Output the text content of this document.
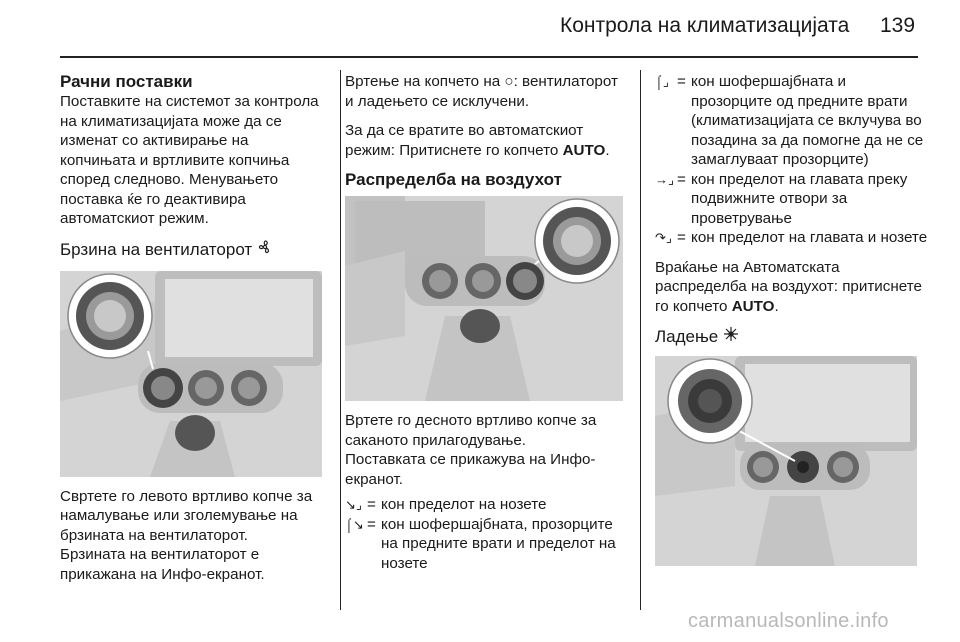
Контрола на климатизацијата 139
Рачни поставки

Поставките на системот за контрола на климатизацијата може да се изменат со активирање на копчињата и вртливите копчиња според следново. Менувањето поставка ќе го деактивира автоматскиот режим.

Брзина на вентилаторот

Свртете го левото вртливо копче за намалување или зголемување на брзината на вентилаторот.

Брзината на вентилаторот е прикажана на Инфо-екранот.

Вртење на копчето на ○: вентилаторот и ладењето се исклучени.

За да се вратите во автоматскиот режим: Притиснете го копчето AUTO.

Распределба на воздухот

Вртете го десното вртливо копче за саканото прилагодување.

Поставката се прикажува на Инфо-екранот.

↘⌟ = кон пределот на нозете
⌠↘ = кон шофершајбната, прозорците на предните врати и пределот на нозете
⌠⌟ = кон шофершајбната и прозорците од предните врати (климатизацијата се вклучува во позадина за да помогне да не се замаглуваат прозорците)
→⌟ = кон пределот на главата преку подвижните отвори за проветрување
↷⌟ = кон пределот на главата и нозете

Враќање на Автоматската распределба на воздухот: притиснете го копчето AUTO.

Ладење
carmanualsonline.info
